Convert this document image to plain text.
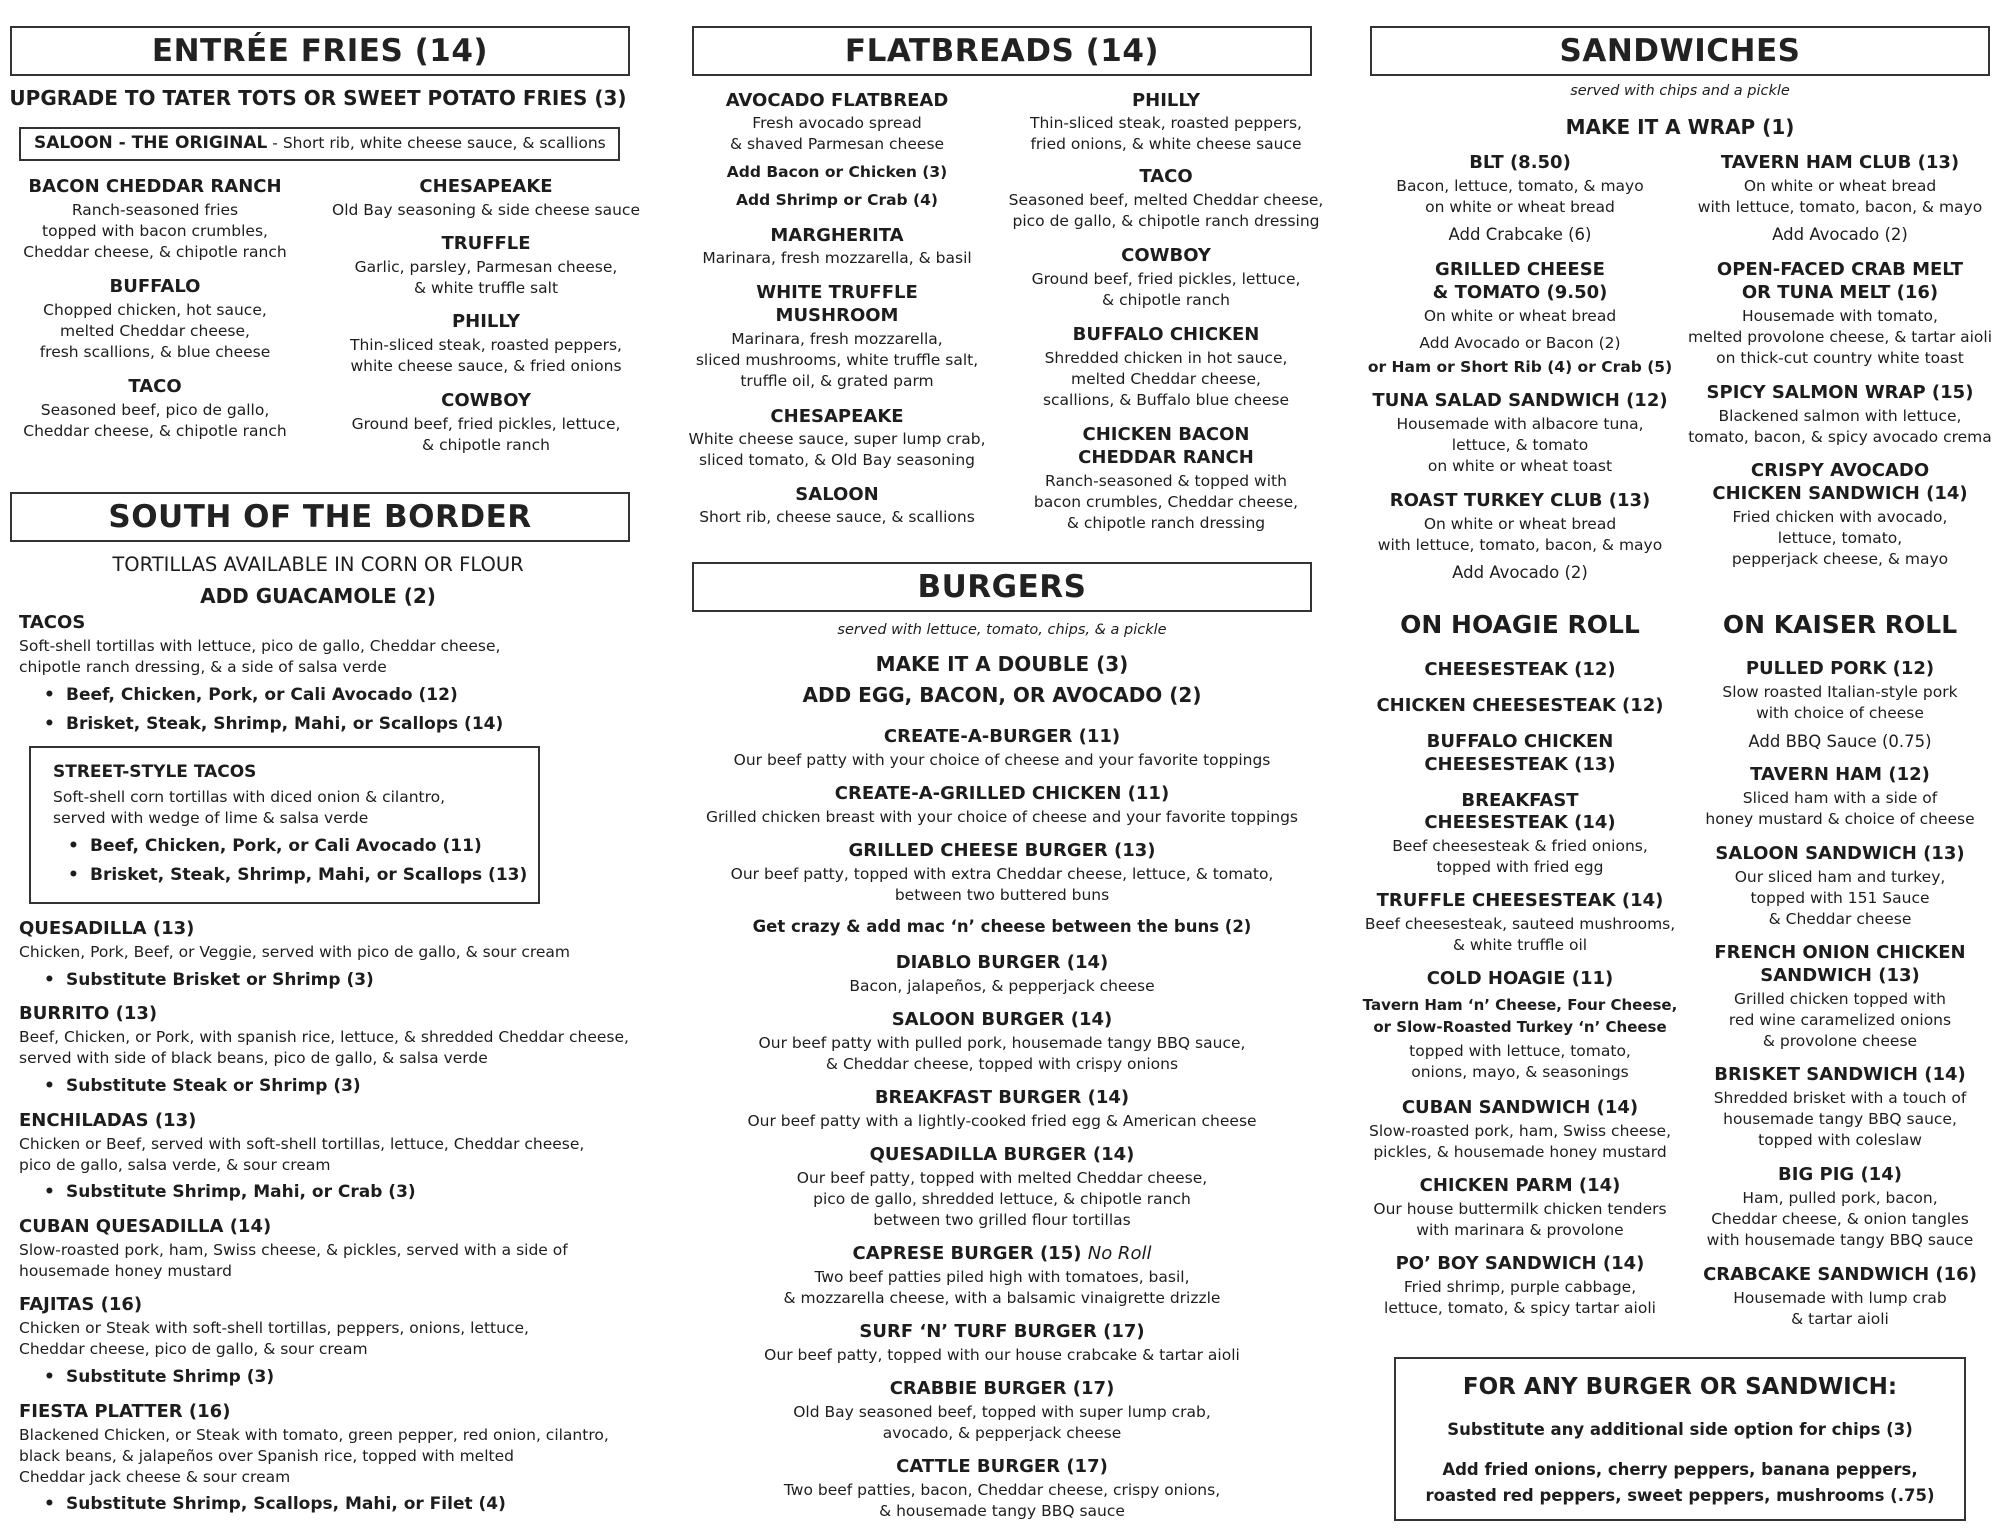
ENTRÉE FRIES (14)
UPGRADE TO TATER TOTS OR SWEET POTATO FRIES (3)
SALOON - THE ORIGINAL - Short rib, white cheese sauce, & scallions
BACON CHEDDAR RANCH
Ranch-seasoned fries
topped with bacon crumbles,
Cheddar cheese, & chipotle ranch
BUFFALO
Chopped chicken, hot sauce,
melted Cheddar cheese,
fresh scallions, & blue cheese
TACO
Seasoned beef, pico de gallo,
Cheddar cheese, & chipotle ranch
CHESAPEAKE
Old Bay seasoning & side cheese sauce
TRUFFLE
Garlic, parsley, Parmesan cheese,
& white truffle salt
PHILLY
Thin-sliced steak, roasted peppers,
white cheese sauce, & fried onions
COWBOY
Ground beef, fried pickles, lettuce,
& chipotle ranch
SOUTH OF THE BORDER
TORTILLAS AVAILABLE IN CORN OR FLOUR
ADD GUACAMOLE (2)
TACOS
Soft-shell tortillas with lettuce, pico de gallo, Cheddar cheese,
chipotle ranch dressing, & a side of salsa verde
• Beef, Chicken, Pork, or Cali Avocado (12)
• Brisket, Steak, Shrimp, Mahi, or Scallops (14)
STREET-STYLE TACOS
Soft-shell corn tortillas with diced onion & cilantro,
served with wedge of lime & salsa verde
• Beef, Chicken, Pork, or Cali Avocado (11)
• Brisket, Steak, Shrimp, Mahi, or Scallops (13)
QUESADILLA (13)
Chicken, Pork, Beef, or Veggie, served with pico de gallo, & sour cream
• Substitute Brisket or Shrimp (3)
BURRITO (13)
Beef, Chicken, or Pork, with spanish rice, lettuce, & shredded Cheddar cheese,
served with side of black beans, pico de gallo, & salsa verde
• Substitute Steak or Shrimp (3)
ENCHILADAS (13)
Chicken or Beef, served with soft-shell tortillas, lettuce, Cheddar cheese,
pico de gallo, salsa verde, & sour cream
• Substitute Shrimp, Mahi, or Crab (3)
CUBAN QUESADILLA (14)
Slow-roasted pork, ham, Swiss cheese, & pickles, served with a side of
housemade honey mustard
FAJITAS (16)
Chicken or Steak with soft-shell tortillas, peppers, onions, lettuce,
Cheddar cheese, pico de gallo, & sour cream
• Substitute Shrimp (3)
FIESTA PLATTER (16)
Blackened Chicken, or Steak with tomato, green pepper, red onion, cilantro,
black beans, & jalapeños over Spanish rice, topped with melted
Cheddar jack cheese & sour cream
• Substitute Shrimp, Scallops, Mahi, or Filet (4)
FLATBREADS (14)
AVOCADO FLATBREAD
Fresh avocado spread
& shaved Parmesan cheese
Add Bacon or Chicken (3)
Add Shrimp or Crab (4)
MARGHERITA
Marinara, fresh mozzarella, & basil
WHITE TRUFFLE
MUSHROOM
Marinara, fresh mozzarella,
sliced mushrooms, white truffle salt,
truffle oil, & grated parm
CHESAPEAKE
White cheese sauce, super lump crab,
sliced tomato, & Old Bay seasoning
SALOON
Short rib, cheese sauce, & scallions
PHILLY
Thin-sliced steak, roasted peppers,
fried onions, & white cheese sauce
TACO
Seasoned beef, melted Cheddar cheese,
pico de gallo, & chipotle ranch dressing
COWBOY
Ground beef, fried pickles, lettuce,
& chipotle ranch
BUFFALO CHICKEN
Shredded chicken in hot sauce,
melted Cheddar cheese,
scallions, & Buffalo blue cheese
CHICKEN BACON
CHEDDAR RANCH
Ranch-seasoned & topped with
bacon crumbles, Cheddar cheese,
& chipotle ranch dressing
BURGERS
served with lettuce, tomato, chips, & a pickle
MAKE IT A DOUBLE (3)
ADD EGG, BACON, OR AVOCADO (2)
CREATE-A-BURGER (11)
Our beef patty with your choice of cheese and your favorite toppings
CREATE-A-GRILLED CHICKEN (11)
Grilled chicken breast with your choice of cheese and your favorite toppings
GRILLED CHEESE BURGER (13)
Our beef patty, topped with extra Cheddar cheese, lettuce, & tomato,
between two buttered buns
Get crazy & add mac ‘n’ cheese between the buns (2)
DIABLO BURGER (14)
Bacon, jalapeños, & pepperjack cheese
SALOON BURGER (14)
Our beef patty with pulled pork, housemade tangy BBQ sauce,
& Cheddar cheese, topped with crispy onions
BREAKFAST BURGER (14)
Our beef patty with a lightly-cooked fried egg & American cheese
QUESADILLA BURGER (14)
Our beef patty, topped with melted Cheddar cheese,
pico de gallo, shredded lettuce, & chipotle ranch
between two grilled flour tortillas
CAPRESE BURGER (15) No Roll
Two beef patties piled high with tomatoes, basil,
& mozzarella cheese, with a balsamic vinaigrette drizzle
SURF ‘N’ TURF BURGER (17)
Our beef patty, topped with our house crabcake & tartar aioli
CRABBIE BURGER (17)
Old Bay seasoned beef, topped with super lump crab,
avocado, & pepperjack cheese
CATTLE BURGER (17)
Two beef patties, bacon, Cheddar cheese, crispy onions,
& housemade tangy BBQ sauce
SANDWICHES
served with chips and a pickle
MAKE IT A WRAP (1)
BLT (8.50)
Bacon, lettuce, tomato, & mayo
on white or wheat bread
Add Crabcake (6)
GRILLED CHEESE
& TOMATO (9.50)
On white or wheat bread
Add Avocado or Bacon (2)
or Ham or Short Rib (4) or Crab (5)
TUNA SALAD SANDWICH (12)
Housemade with albacore tuna,
lettuce, & tomato
on white or wheat toast
ROAST TURKEY CLUB (13)
On white or wheat bread
with lettuce, tomato, bacon, & mayo
Add Avocado (2)
TAVERN HAM CLUB (13)
On white or wheat bread
with lettuce, tomato, bacon, & mayo
Add Avocado (2)
OPEN-FACED CRAB MELT
OR TUNA MELT (16)
Housemade with tomato,
melted provolone cheese, & tartar aioli
on thick-cut country white toast
SPICY SALMON WRAP (15)
Blackened salmon with lettuce,
tomato, bacon, & spicy avocado crema
CRISPY AVOCADO
CHICKEN SANDWICH (14)
Fried chicken with avocado,
lettuce, tomato,
pepperjack cheese, & mayo
ON HOAGIE ROLL
CHEESESTEAK (12)
CHICKEN CHEESESTEAK (12)
BUFFALO CHICKEN
CHEESESTEAK (13)
BREAKFAST
CHEESESTEAK (14)
Beef cheesesteak & fried onions,
topped with fried egg
TRUFFLE CHEESESTEAK (14)
Beef cheesesteak, sauteed mushrooms,
& white truffle oil
COLD HOAGIE (11)
Tavern Ham ‘n’ Cheese, Four Cheese,
or Slow-Roasted Turkey ‘n’ Cheese
topped with lettuce, tomato,
onions, mayo, & seasonings
CUBAN SANDWICH (14)
Slow-roasted pork, ham, Swiss cheese,
pickles, & housemade honey mustard
CHICKEN PARM (14)
Our house buttermilk chicken tenders
with marinara & provolone
PO’ BOY SANDWICH (14)
Fried shrimp, purple cabbage,
lettuce, tomato, & spicy tartar aioli
ON KAISER ROLL
PULLED PORK (12)
Slow roasted Italian-style pork
with choice of cheese
Add BBQ Sauce (0.75)
TAVERN HAM (12)
Sliced ham with a side of
honey mustard & choice of cheese
SALOON SANDWICH (13)
Our sliced ham and turkey,
topped with 151 Sauce
& Cheddar cheese
FRENCH ONION CHICKEN
SANDWICH (13)
Grilled chicken topped with
red wine caramelized onions
& provolone cheese
BRISKET SANDWICH (14)
Shredded brisket with a touch of
housemade tangy BBQ sauce,
topped with coleslaw
BIG PIG (14)
Ham, pulled pork, bacon,
Cheddar cheese, & onion tangles
with housemade tangy BBQ sauce
CRABCAKE SANDWICH (16)
Housemade with lump crab
& tartar aioli
FOR ANY BURGER OR SANDWICH:
Substitute any additional side option for chips (3)
Add fried onions, cherry peppers, banana peppers,
roasted red peppers, sweet peppers, mushrooms (.75)
